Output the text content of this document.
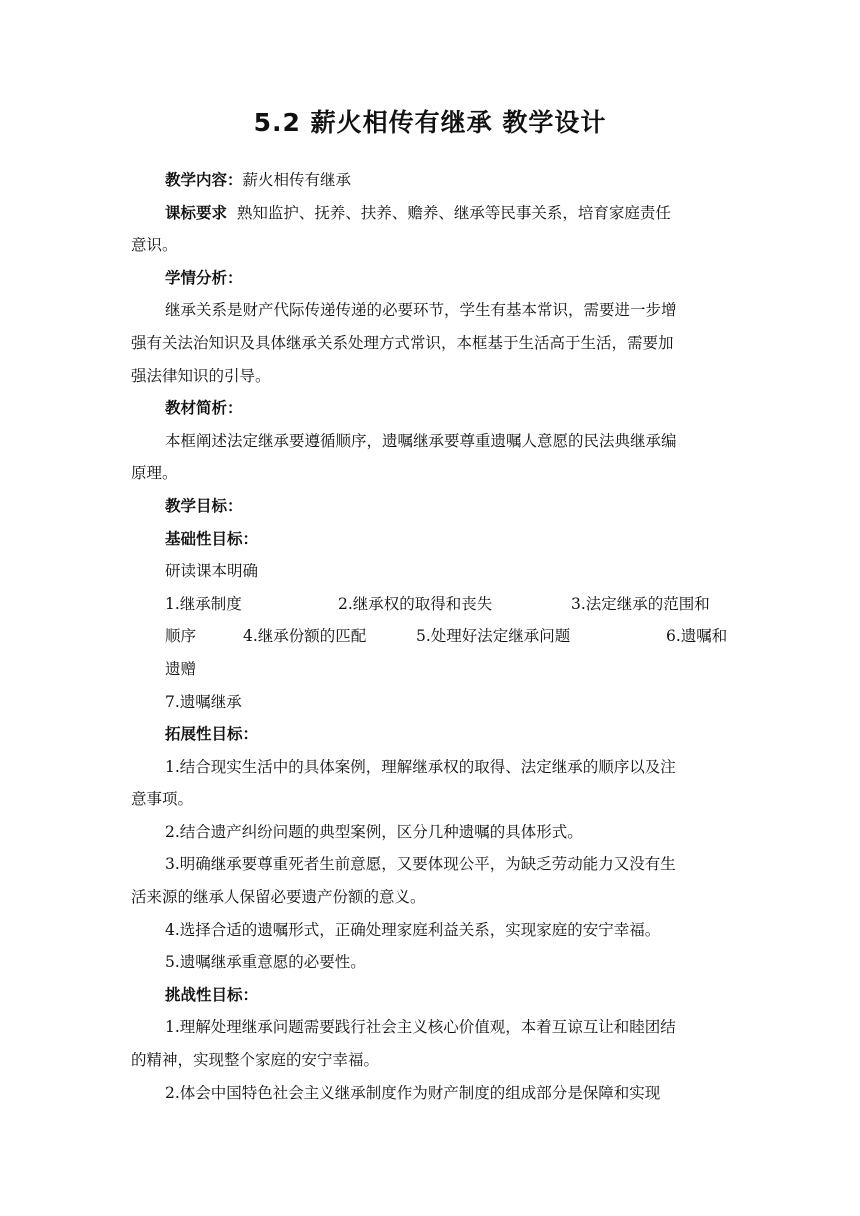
5.2 薪火相传有继承 教学设计

教学内容：薪火相传有继承

课标要求 熟知监护、抚养、扶养、赡养、继承等民事关系，培育家庭责任

意识。

学情分析：

继承关系是财产代际传递传递的必要环节，学生有基本常识，需要进一步增

强有关法治知识及具体继承关系处理方式常识，本框基于生活高于生活，需要加

强法律知识的引导。

教材简析：

本框阐述法定继承要遵循顺序，遗嘱继承要尊重遗嘱人意愿的民法典继承编

原理。

教学目标：

基础性目标：

研读课本明确

1.继承制度	2.继承权的取得和丧失	3.法定继承的范围和
顺序	4.继承份额的匹配	5.处理好法定继承问题	6.遗嘱和

遗赠

7.遗嘱继承

拓展性目标：

1.结合现实生活中的具体案例，理解继承权的取得、法定继承的顺序以及注

意事项。

2.结合遗产纠纷问题的典型案例，区分几种遗嘱的具体形式。

3.明确继承要尊重死者生前意愿，又要体现公平，为缺乏劳动能力又没有生

活来源的继承人保留必要遗产份额的意义。

4.选择合适的遗嘱形式，正确处理家庭利益关系，实现家庭的安宁幸福。

5.遗嘱继承重意愿的必要性。

挑战性目标：

1.理解处理继承问题需要践行社会主义核心价值观，本着互谅互让和睦团结

的精神，实现整个家庭的安宁幸福。

2.体会中国特色社会主义继承制度作为财产制度的组成部分是保障和实现
